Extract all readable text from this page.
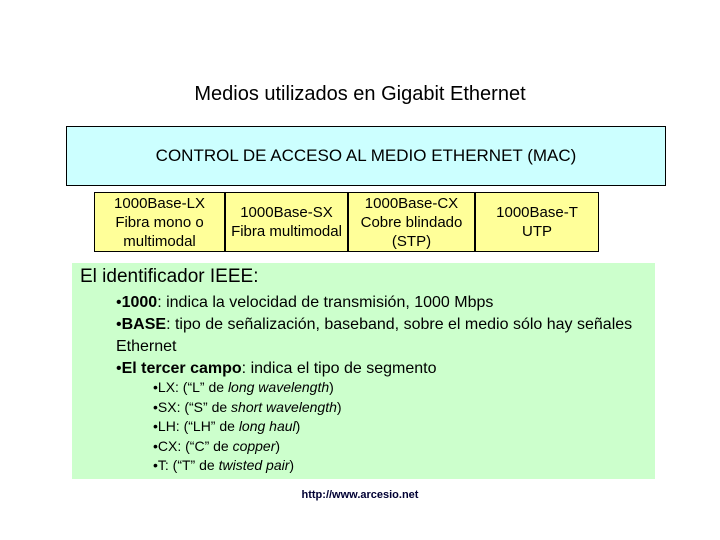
Medios utilizados en Gigabit Ethernet
CONTROL DE ACCESO AL MEDIO ETHERNET (MAC)
1000Base-LX
Fibra mono o
multimodal
1000Base-SX
Fibra multimodal
1000Base-CX
Cobre blindado
(STP)
1000Base-T
UTP
El identificador IEEE:
•1000: indica la velocidad de transmisión, 1000 Mbps
•BASE: tipo de señalización, baseband, sobre el medio sólo hay señales Ethernet
•El tercer campo: indica el tipo de segmento
•LX: (“L” de long wavelength)
•SX: (“S” de short wavelength)
•LH: (“LH” de long haul)
•CX: (“C” de copper)
•T: (“T” de twisted pair)
http://www.arcesio.net
